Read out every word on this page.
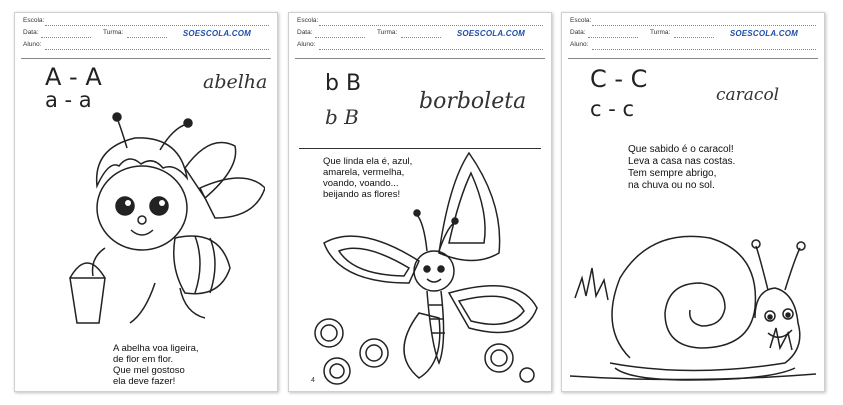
Escola:
Data:	Turma:
Aluno:
SOESCOLA.COM
A - A
a - a
abelha
A abelha voa ligeira,
de flor em flor.
Que mel gostoso
ela deve fazer!
Escola:
Data:	Turma:
Aluno:
SOESCOLA.COM
b B
b B
borboleta
Que linda ela é, azul,
amarela, vermelha,
voando, voando...
beijando as flores!
4
Escola:
Data:	Turma:
Aluno:
SOESCOLA.COM
C - C
c - c
caracol
Que sabido é o caracol!
Leva a casa nas costas.
Tem sempre abrigo,
na chuva ou no sol.
